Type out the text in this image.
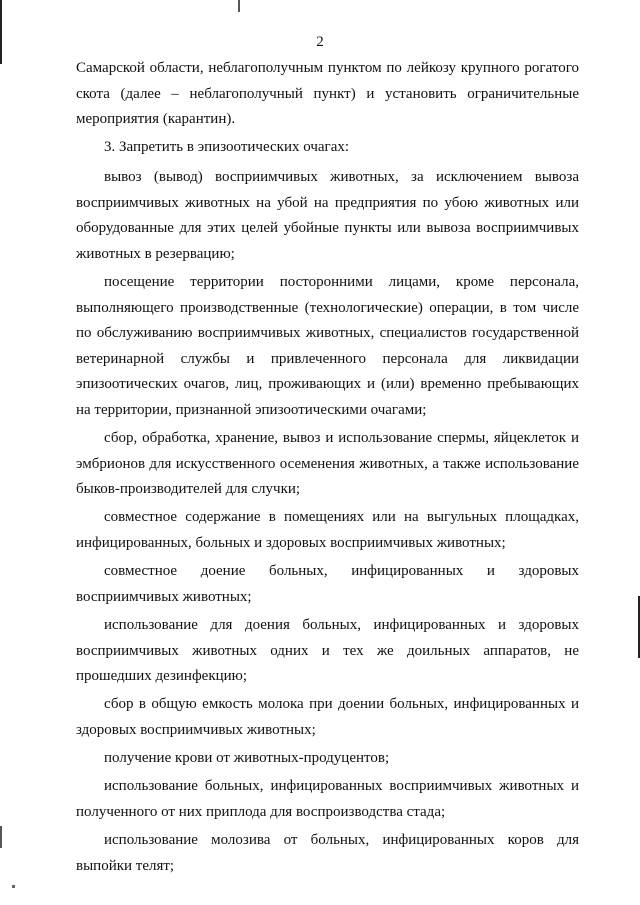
2

Самарской области, неблагополучным пунктом по лейкозу крупного рогатого скота (далее – неблагополучный пункт) и установить ограничительные мероприятия (карантин).

3. Запретить в эпизоотических очагах:

вывоз (вывод) восприимчивых животных, за исключением вывоза восприимчивых животных на убой на предприятия по убою животных или оборудованные для этих целей убойные пункты или вывоза восприимчивых животных в резервацию;

посещение территории посторонними лицами, кроме персонала, выполняющего производственные (технологические) операции, в том числе по обслуживанию восприимчивых животных, специалистов государственной ветеринарной службы и привлеченного персонала для ликвидации эпизоотических очагов, лиц, проживающих и (или) временно пребывающих на территории, признанной эпизоотическими очагами;

сбор, обработка, хранение, вывоз и использование спермы, яйцеклеток и эмбрионов для искусственного осеменения животных, а также использование быков-производителей для случки;

совместное содержание в помещениях или на выгульных площадках, инфицированных, больных и здоровых восприимчивых животных;

совместное доение больных, инфицированных и здоровых восприимчивых животных;

использование для доения больных, инфицированных и здоровых восприимчивых животных одних и тех же доильных аппаратов, не прошедших дезинфекцию;

сбор в общую емкость молока при доении больных, инфицированных и здоровых восприимчивых животных;

получение крови от животных-продуцентов;

использование больных, инфицированных восприимчивых животных и полученного от них приплода для воспроизводства стада;

использование молозива от больных, инфицированных коров для выпойки телят;
